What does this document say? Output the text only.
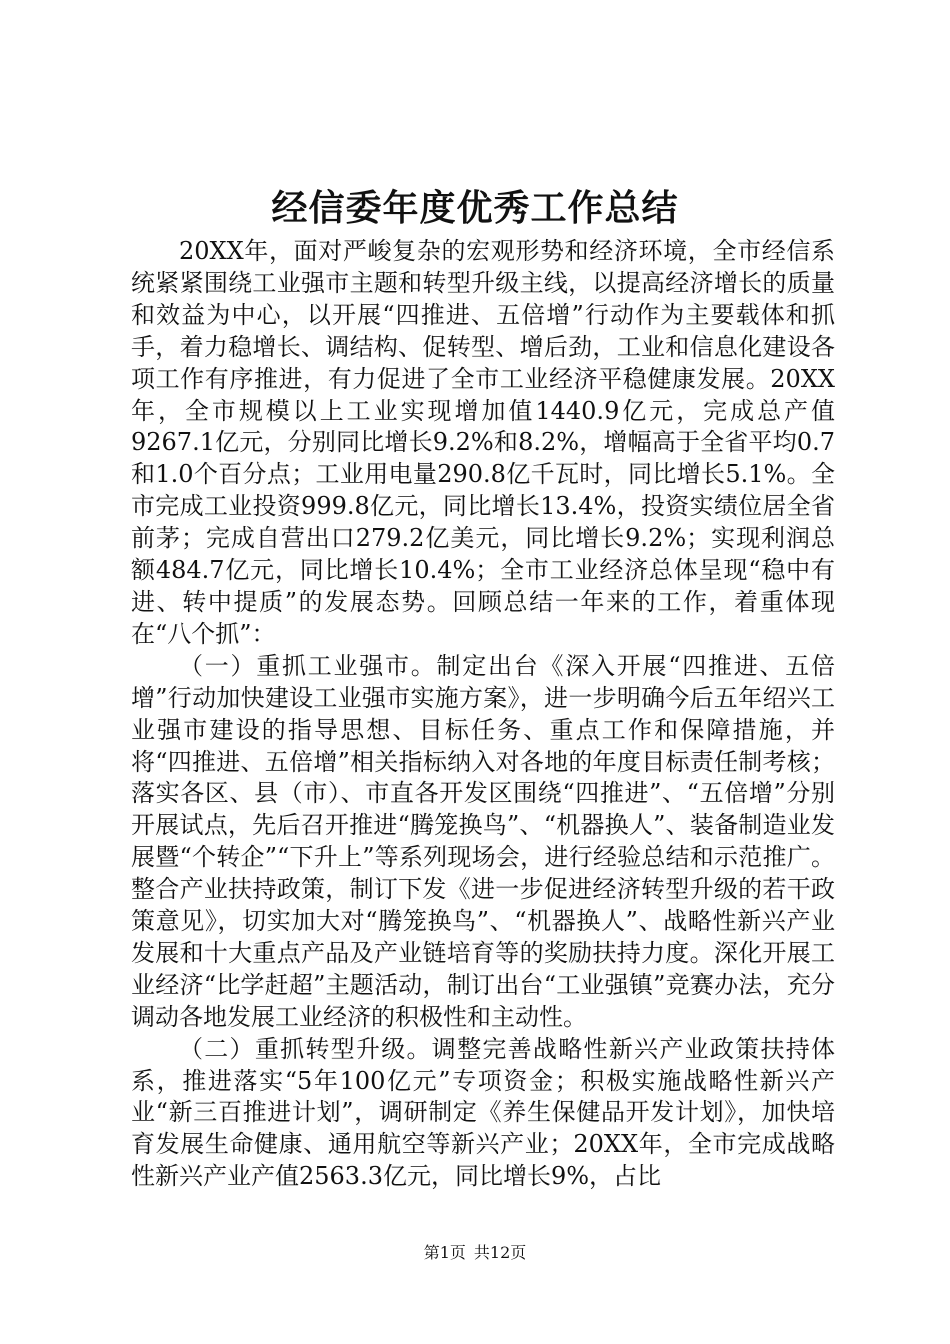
经信委年度优秀工作总结

20XX年，面对严峻复杂的宏观形势和经济环境，全市经信系统紧紧围绕工业强市主题和转型升级主线，以提高经济增长的质量和效益为中心，以开展“四推进、五倍增”行动作为主要载体和抓手，着力稳增长、调结构、促转型、增后劲，工业和信息化建设各项工作有序推进，有力促进了全市工业经济平稳健康发展。20XX年，全市规模以上工业实现增加值1440.9亿元，完成总产值9267.1亿元，分别同比增长9.2%和8.2%，增幅高于全省平均0.7和1.0个百分点；工业用电量290.8亿千瓦时，同比增长5.1%。全市完成工业投资999.8亿元，同比增长13.4%，投资实绩位居全省前茅；完成自营出口279.2亿美元，同比增长9.2%；实现利润总额484.7亿元，同比增长10.4%；全市工业经济总体呈现“稳中有进、转中提质”的发展态势。回顾总结一年来的工作，着重体现在“八个抓”：

（一）重抓工业强市。制定出台《深入开展“四推进、五倍增”行动加快建设工业强市实施方案》，进一步明确今后五年绍兴工业强市建设的指导思想、目标任务、重点工作和保障措施，并将“四推进、五倍增”相关指标纳入对各地的年度目标责任制考核；落实各区、县（市）、市直各开发区围绕“四推进”、“五倍增”分别开展试点，先后召开推进“腾笼换鸟”、“机器换人”、装备制造业发展暨“个转企”“下升上”等系列现场会，进行经验总结和示范推广。整合产业扶持政策，制订下发《进一步促进经济转型升级的若干政策意见》，切实加大对“腾笼换鸟”、“机器换人”、战略性新兴产业发展和十大重点产品及产业链培育等的奖励扶持力度。深化开展工业经济“比学赶超”主题活动，制订出台“工业强镇”竞赛办法，充分调动各地发展工业经济的积极性和主动性。

（二）重抓转型升级。调整完善战略性新兴产业政策扶持体系，推进落实“5年100亿元”专项资金；积极实施战略性新兴产业“新三百推进计划”，调研制定《养生保健品开发计划》，加快培育发展生命健康、通用航空等新兴产业；20XX年，全市完成战略性新兴产业产值2563.3亿元，同比增长9%，占比

第1页 共12页
